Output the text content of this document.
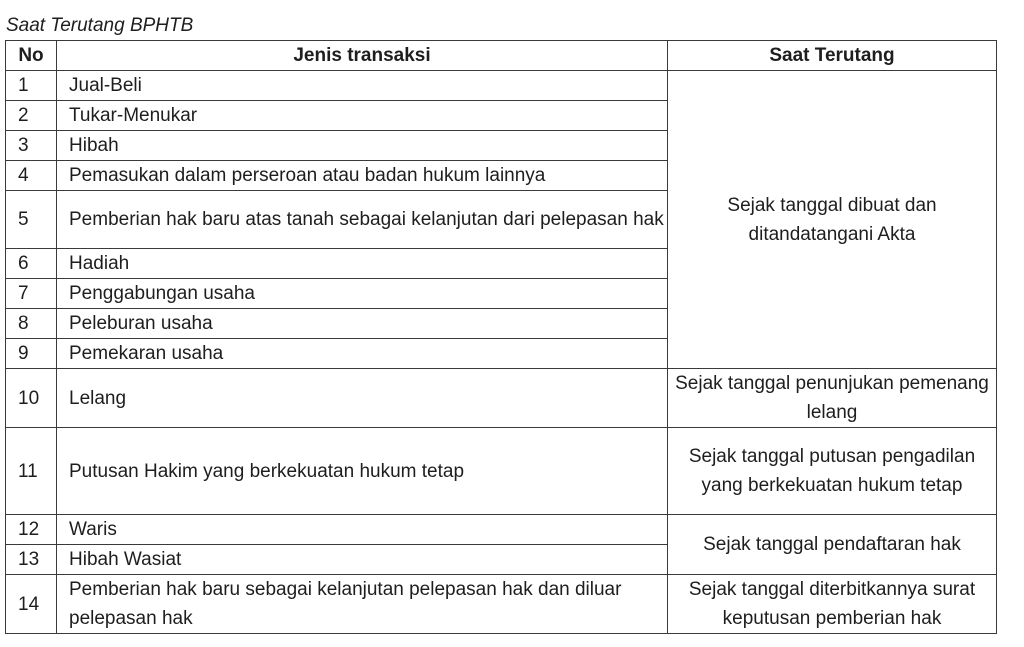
Saat Terutang BPHTB
No	Jenis transaksi	Saat Terutang
1	Jual-Beli	Sejak tanggal dibuat dan ditandatangani Akta
2	Tukar-Menukar	
3	Hibah	
4	Pemasukan dalam perseroan atau badan hukum lainnya	
5	Pemberian hak baru atas tanah sebagai kelanjutan dari pelepasan hak	
6	Hadiah	
7	Penggabungan usaha	
8	Peleburan usaha	
9	Pemekaran usaha	
10	Lelang	Sejak tanggal penunjukan pemenang lelang
11	Putusan Hakim yang berkekuatan hukum tetap	Sejak tanggal putusan pengadilan yang berkekuatan hukum tetap
12	Waris	Sejak tanggal pendaftaran hak
13	Hibah Wasiat	
14	Pemberian hak baru sebagai kelanjutan pelepasan hak dan diluar pelepasan hak	Sejak tanggal diterbitkannya surat keputusan pemberian hak
